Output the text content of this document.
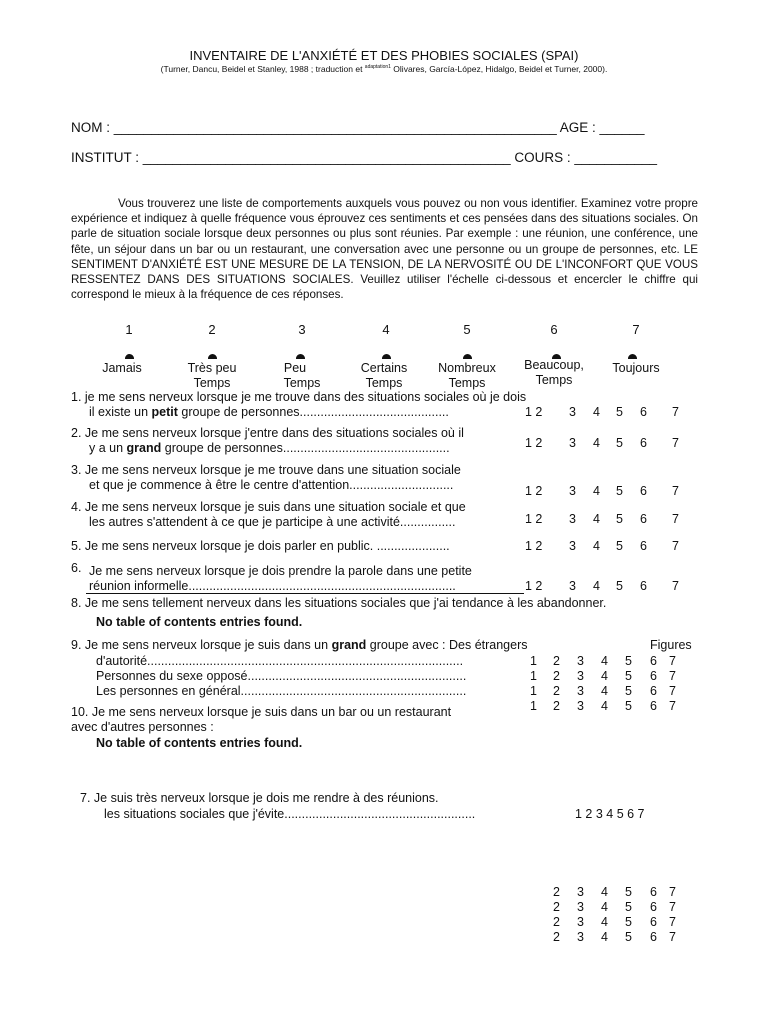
INVENTAIRE DE L'ANXIÉTÉ ET DES PHOBIES SOCIALES (SPAI)
(Turner, Dancu, Beidel et Stanley, 1988 ; traduction et $^{adaptation1}$ Olivares, García-López, Hidalgo, Beidel et Turner, 2000).
NOM : ___________________________________________________________ AGE : ______
INSTITUT : _________________________________________________ COURS : ___________
Vous trouverez une liste de comportements auxquels vous pouvez ou non vous identifier. Examinez votre propre expérience et indiquez à quelle fréquence vous éprouvez ces sentiments et ces pensées dans des situations sociales. On parle de situation sociale lorsque deux personnes ou plus sont réunies. Par exemple : une réunion, une conférence, une fête, un séjour dans un bar ou un restaurant, une conversation avec une personne ou un groupe de personnes, etc. LE SENTIMENT D'ANXIÉTÉ EST UNE MESURE DE LA TENSION, DE LA NERVOSITÉ OU DE L'INCONFORT QUE VOUS RESSENTEZ DANS DES SITUATIONS SOCIALES. Veuillez utiliser l'échelle ci-dessous et encercler le chiffre qui correspond le mieux à la fréquence de ces réponses.
1	2	3	4	5	6	7
Jamais	Très peu
Temps
Peu
Temps
Certains
Temps
Nombreux
Temps
Beaucoup,
Temps
Toujours
1. je me sens nerveux lorsque je me trouve dans des situations sociales où je dois
il existe un petit groupe de personnes...........................................	1 2 3 4 5 6 7
2. Je me sens nerveux lorsque j'entre dans des situations sociales où il
y a un grand groupe de personnes................................................	1 2 3 4 5 6 7
3. Je me sens nerveux lorsque je me trouve dans une situation sociale
et que je commence à être le centre d'attention..............................	1 2 3 4 5 6 7
4. Je me sens nerveux lorsque je suis dans une situation sociale et que
les autres s'attendent à ce que je participe à une activité................	1 2 3 4 5 6 7
5. Je me sens nerveux lorsque je dois parler en public. .....................	1 2 3 4 5 6 7
6. Je me sens nerveux lorsque je dois prendre la parole dans une petite
réunion informelle.............................................................................	1 2 3 4 5 6 7
8. Je me sens tellement nerveux dans les situations sociales que j'ai tendance à les abandonner.
No table of contents entries found.
9. Je me sens nerveux lorsque je suis dans un grand groupe avec : Des étrangers	Figures
d'autorité...........................................................................................	1 2 3 4 5 6 7
Personnes du sexe opposé...............................................................	1 2 3 4 5 6 7
Les personnes en général.................................................................	1 2 3 4 5 6 7
10. Je me sens nerveux lorsque je suis dans un bar ou un restaurant	1 2 3 4 5 6 7
avec d'autres personnes :
No table of contents entries found.
7. Je suis très nerveux lorsque je dois me rendre à des réunions.
les situations sociales que j'évite.......................................................	1 2 3 4 5 6 7
2 3 4 5 6 7
2 3 4 5 6 7
2 3 4 5 6 7
2 3 4 5 6 7
